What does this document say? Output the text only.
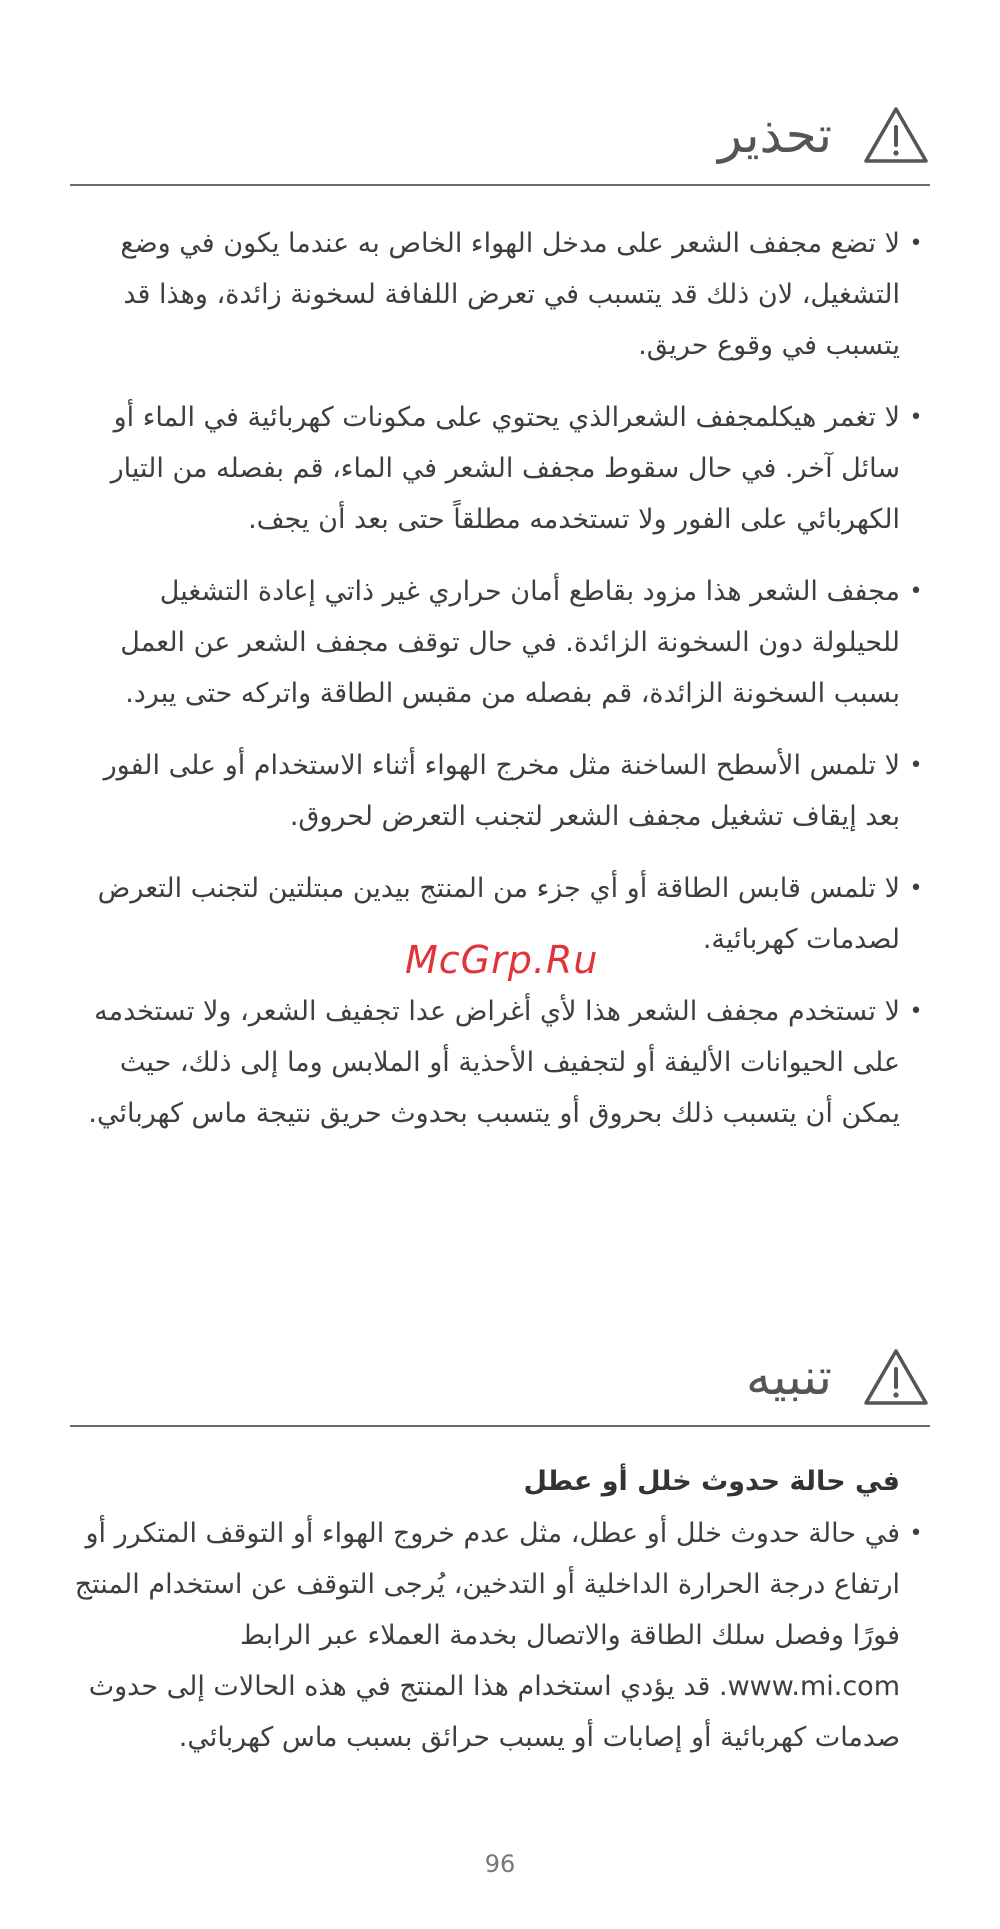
تحذير
•
لا تضع مجفف الشعر على مدخل الهواء الخاص به عندما يكون في وضع التشغيل، لان ذلك قد يتسبب في تعرض اللفافة لسخونة زائدة، وهذا قد يتسبب في وقوع حريق.
•
لا تغمر هيكلمجفف الشعرالذي يحتوي على مكونات كهربائية في الماء أو سائل آخر. في حال سقوط مجفف الشعر في الماء، قم بفصله من التيار الكهربائي على الفور ولا تستخدمه مطلقاً حتى بعد أن يجف.
•
مجفف الشعر هذا مزود بقاطع أمان حراري غير ذاتي إعادة التشغيل للحيلولة دون السخونة الزائدة. في حال توقف مجفف الشعر عن العمل بسبب السخونة الزائدة، قم بفصله من مقبس الطاقة واتركه حتى يبرد.
•
لا تلمس الأسطح الساخنة مثل مخرج الهواء أثناء الاستخدام أو على الفور بعد إيقاف تشغيل مجفف الشعر لتجنب التعرض لحروق.
•
لا تلمس قابس الطاقة أو أي جزء من المنتج بيدين مبتلتين لتجنب التعرض لصدمات كهربائية.
•
لا تستخدم مجفف الشعر هذا لأي أغراض عدا تجفيف الشعر، ولا تستخدمه على الحيوانات الأليفة أو لتجفيف الأحذية أو الملابس وما إلى ذلك، حيث يمكن أن يتسبب ذلك بحروق أو يتسبب بحدوث حريق نتيجة ماس كهربائي.
McGrp.Ru
تنبيه
في حالة حدوث خلل أو عطل
•
في حالة حدوث خلل أو عطل، مثل عدم خروج الهواء أو التوقف المتكرر أو ارتفاع درجة الحرارة الداخلية أو التدخين، يُرجى التوقف عن استخدام المنتج فورًا وفصل سلك الطاقة والاتصال بخدمة العملاء عبر الرابط www.mi.com. قد يؤدي استخدام هذا المنتج في هذه الحالات إلى حدوث صدمات كهربائية أو إصابات أو يسبب حرائق بسبب ماس كهربائي.
96
